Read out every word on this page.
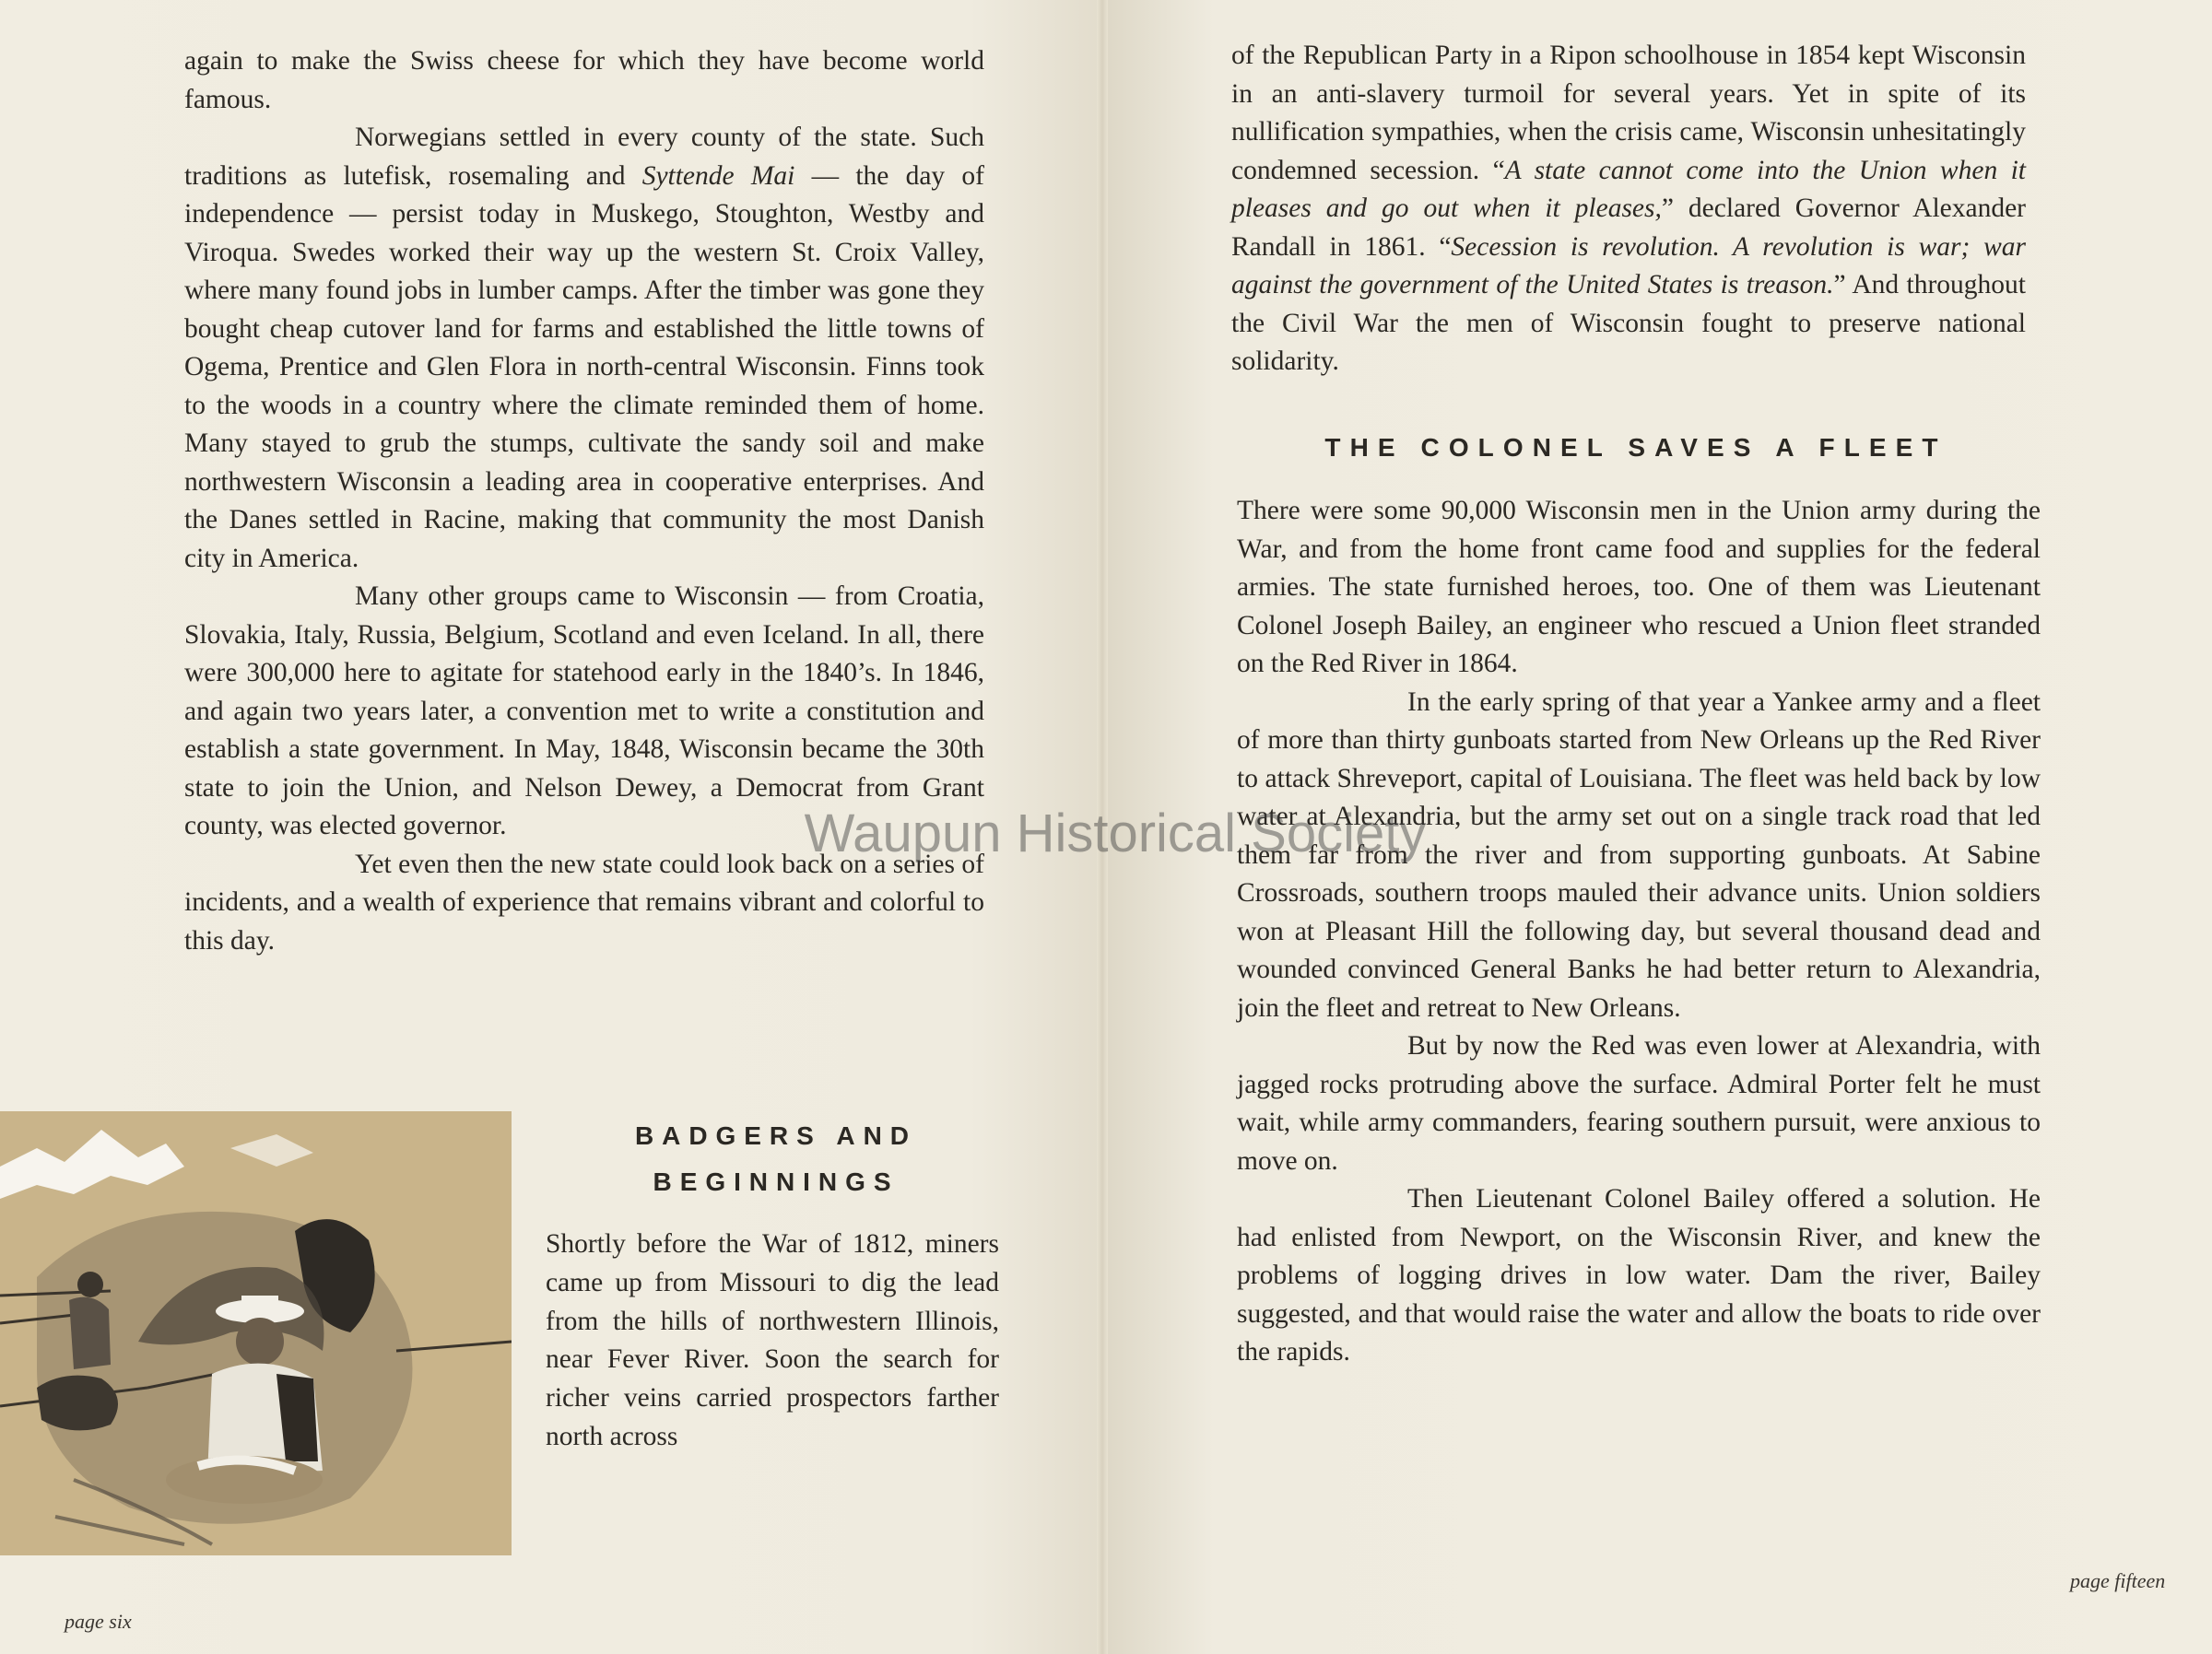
again to make the Swiss cheese for which they have become world famous.

Norwegians settled in every county of the state. Such traditions as lutefisk, rosemaling and Syttende Mai — the day of independence — persist today in Muskego, Stoughton, Westby and Viroqua. Swedes worked their way up the western St. Croix Valley, where many found jobs in lumber camps. After the timber was gone they bought cheap cutover land for farms and established the little towns of Ogema, Prentice and Glen Flora in north-central Wisconsin. Finns took to the woods in a country where the climate reminded them of home. Many stayed to grub the stumps, cultivate the sandy soil and make northwestern Wisconsin a leading area in cooperative enterprises. And the Danes settled in Racine, making that community the most Danish city in America.

Many other groups came to Wisconsin — from Croatia, Slovakia, Italy, Russia, Belgium, Scotland and even Iceland. In all, there were 300,000 here to agitate for statehood early in the 1840’s. In 1846, and again two years later, a convention met to write a constitution and establish a state government. In May, 1848, Wisconsin became the 30th state to join the Union, and Nelson Dewey, a Democrat from Grant county, was elected governor.

Yet even then the new state could look back on a series of incidents, and a wealth of experience that remains vibrant and colorful to this day.

BADGERS AND
BEGINNINGS

Shortly before the War of 1812, miners came up from Missouri to dig the lead from the hills of northwestern Illinois, near Fever River. Soon the search for richer veins carried prospectors farther north across

page six

of the Republican Party in a Ripon schoolhouse in 1854 kept Wisconsin in an anti-slavery turmoil for several years. Yet in spite of its nullification sympathies, when the crisis came, Wisconsin unhesitatingly condemned secession. “A state cannot come into the Union when it pleases and go out when it pleases,” declared Governor Alexander Randall in 1861. “Secession is revolution. A revolution is war; war against the government of the United States is treason.” And throughout the Civil War the men of Wisconsin fought to preserve national solidarity.

THE COLONEL SAVES A FLEET

There were some 90,000 Wisconsin men in the Union army during the War, and from the home front came food and supplies for the federal armies. The state furnished heroes, too. One of them was Lieutenant Colonel Joseph Bailey, an engineer who rescued a Union fleet stranded on the Red River in 1864.

In the early spring of that year a Yankee army and a fleet of more than thirty gunboats started from New Orleans up the Red River to attack Shreveport, capital of Louisiana. The fleet was held back by low water at Alexandria, but the army set out on a single track road that led them far from the river and from supporting gunboats. At Sabine Crossroads, southern troops mauled their advance units. Union soldiers won at Pleasant Hill the following day, but several thousand dead and wounded convinced General Banks he had better return to Alexandria, join the fleet and retreat to New Orleans.

But by now the Red was even lower at Alexandria, with jagged rocks protruding above the surface. Admiral Porter felt he must wait, while army commanders, fearing southern pursuit, were anxious to move on.

Then Lieutenant Colonel Bailey offered a solution. He had enlisted from Newport, on the Wisconsin River, and knew the problems of logging drives in low water. Dam the river, Bailey suggested, and that would raise the water and allow the boats to ride over the rapids.

page fifteen
Waupun Historical Society
